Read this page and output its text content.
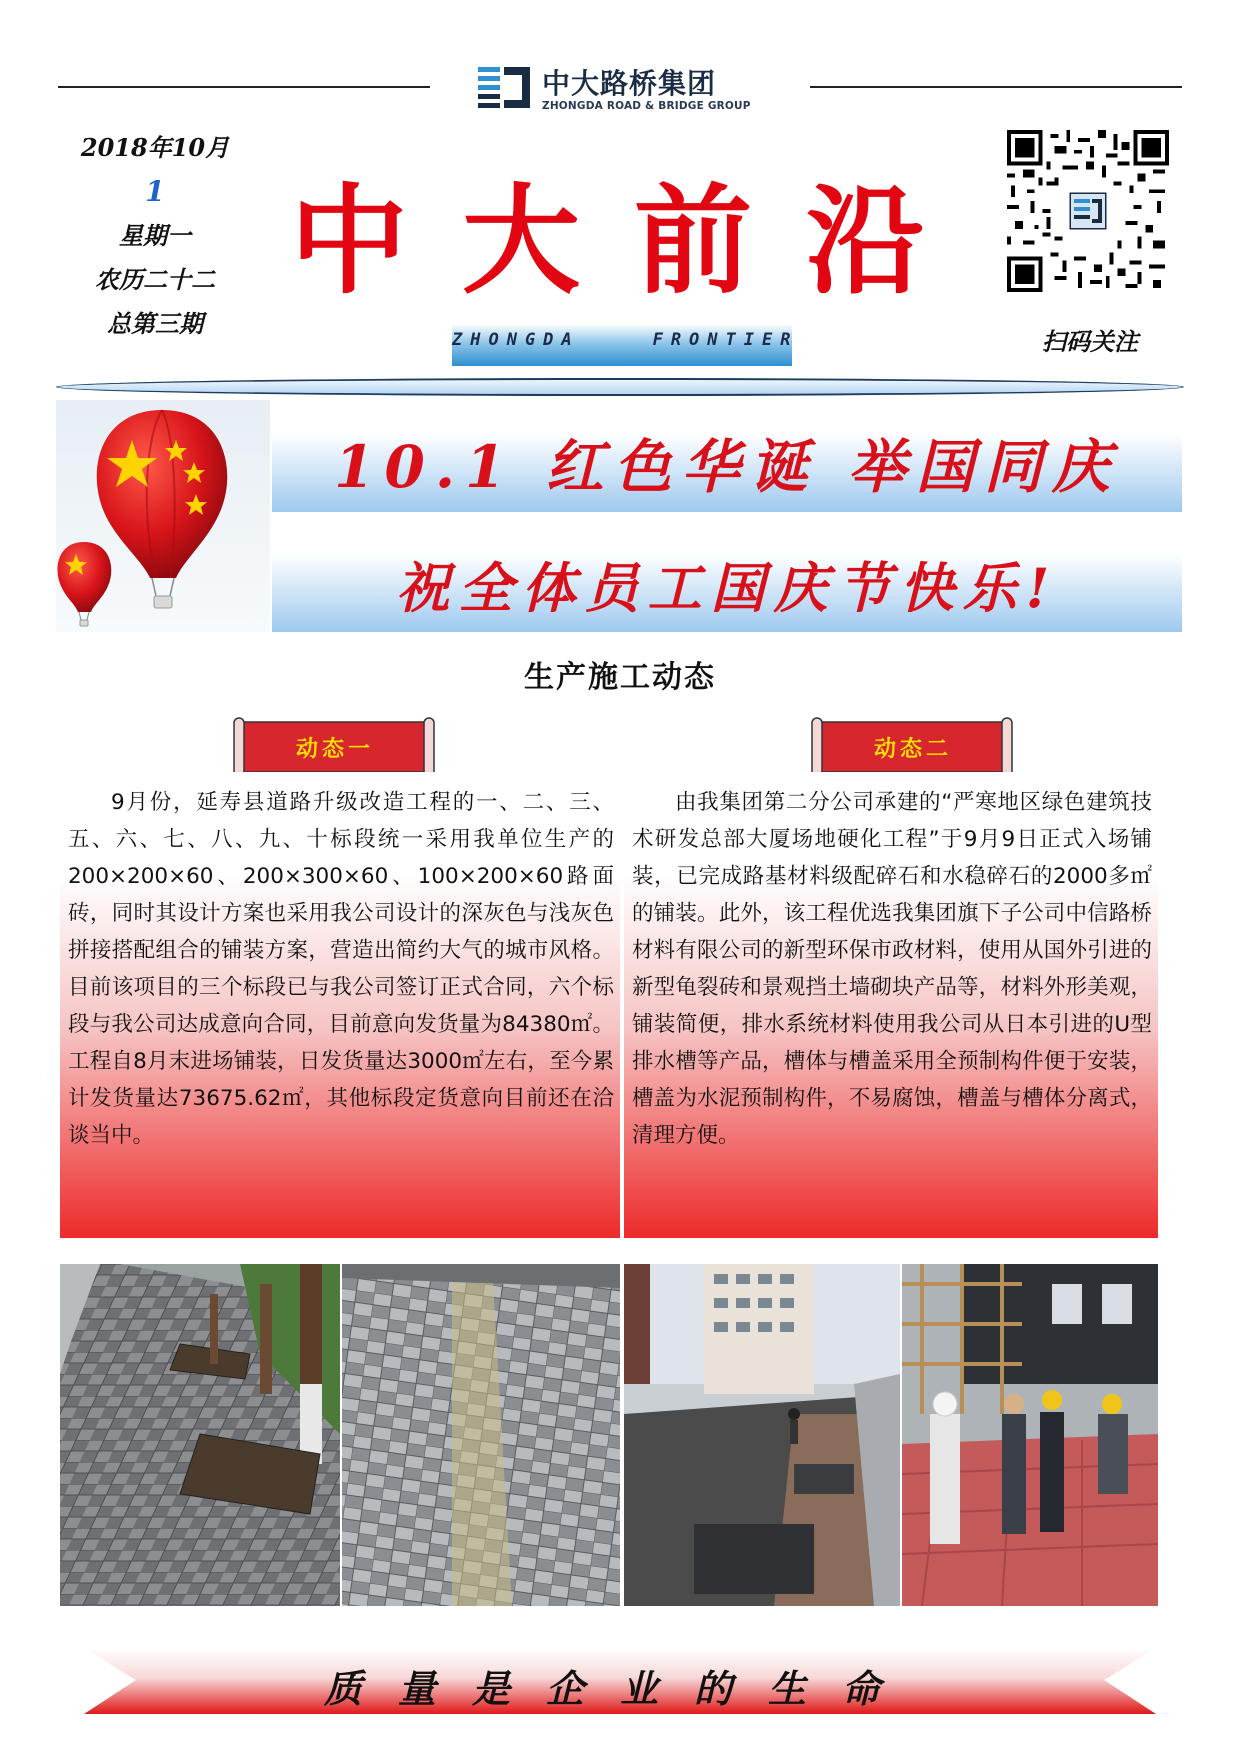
中大路桥集团
ZHONGDA ROAD & BRIDGE GROUP
2018年10月
1
星期一
农历二十二
总第三期
中大前沿
ZHONGDA    FRONTIER	扫码关注
10.1 红色华诞 举国同庆
祝全体员工国庆节快乐!
生产施工动态
动态一	动态二
9月份，延寿县道路升级改造工程的一、二、三、五、六、七、八、九、十标段统一采用我单位生产的200×200×60、200×300×60、100×200×60路面砖，同时其设计方案也采用我公司设计的深灰色与浅灰色拼接搭配组合的铺装方案，营造出简约大气的城市风格。目前该项目的三个标段已与我公司签订正式合同，六个标段与我公司达成意向合同，目前意向发货量为84380㎡。工程自8月末进场铺装，日发货量达3000㎡左右，至今累计发货量达73675.62㎡，其他标段定货意向目前还在洽谈当中。
由我集团第二分公司承建的“严寒地区绿色建筑技术研发总部大厦场地硬化工程”于9月9日正式入场铺装，已完成路基材料级配碎石和水稳碎石的2000多㎡的铺装。此外，该工程优选我集团旗下子公司中信路桥材料有限公司的新型环保市政材料，使用从国外引进的新型龟裂砖和景观挡土墙砌块产品等，材料外形美观，铺装简便，排水系统材料使用我公司从日本引进的U型排水槽等产品，槽体与槽盖采用全预制构件便于安装，槽盖为水泥预制构件，不易腐蚀，槽盖与槽体分离式，清理方便。
质量是企业的生命
